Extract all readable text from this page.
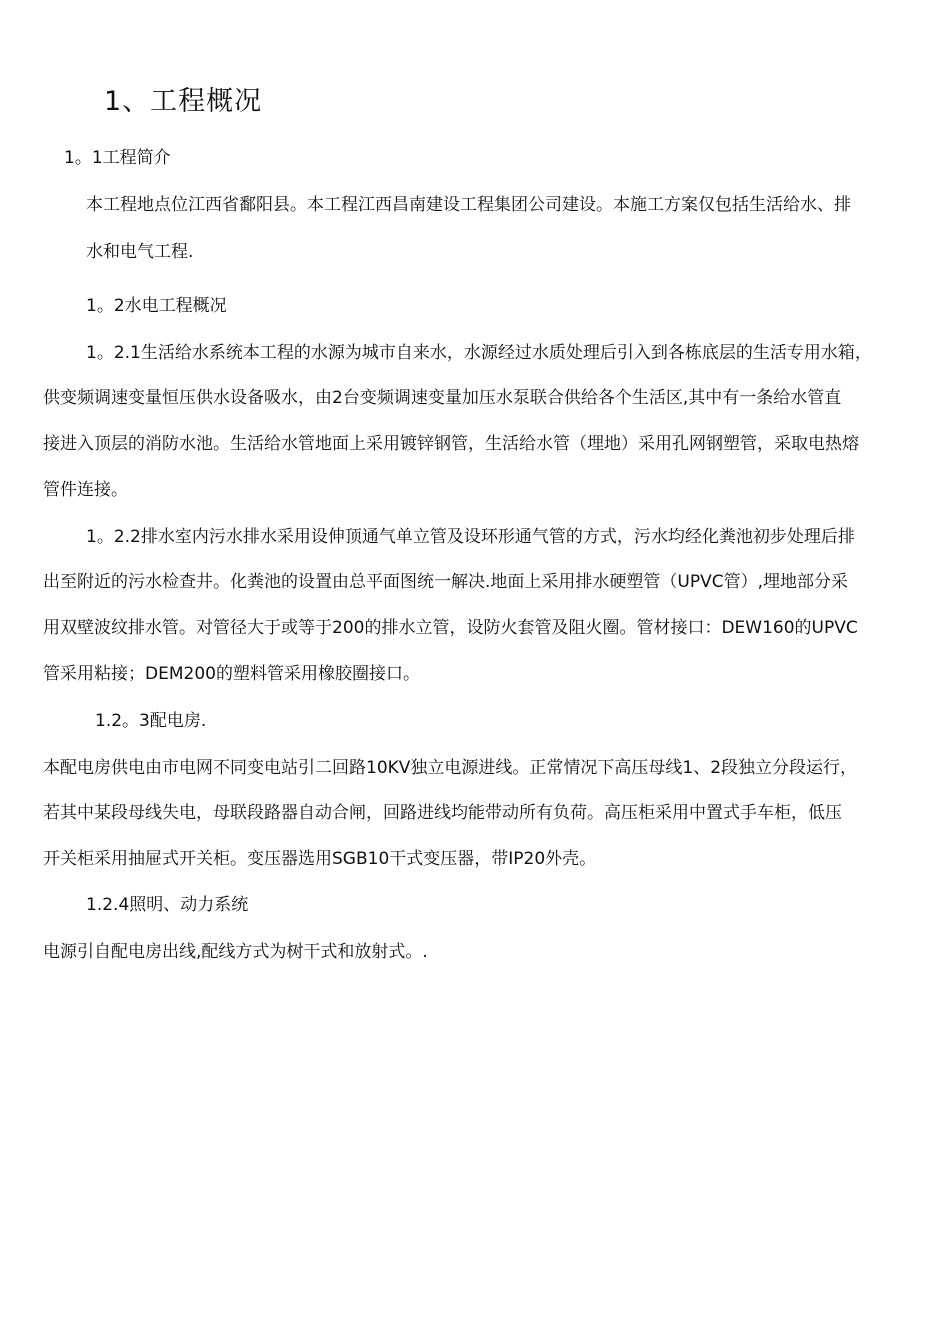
1、工程概况

1。1工程简介

本工程地点位江西省鄱阳县。本工程江西昌南建设工程集团公司建设。本施工方案仅包括生活给水、排

水和电气工程.

1。2水电工程概况

1。2.1生活给水系统本工程的水源为城市自来水，水源经过水质处理后引入到各栋底层的生活专用水箱，

供变频调速变量恒压供水设备吸水，由2台变频调速变量加压水泵联合供给各个生活区,其中有一条给水管直

接进入顶层的消防水池。生活给水管地面上采用镀锌钢管，生活给水管（埋地）采用孔网钢塑管，采取电热熔

管件连接。

1。2.2排水室内污水排水采用设伸顶通气单立管及设环形通气管的方式，污水均经化粪池初步处理后排

出至附近的污水检查井。化粪池的设置由总平面图统一解决.地面上采用排水硬塑管（UPVC管）,埋地部分采

用双壁波纹排水管。对管径大于或等于200的排水立管，设防火套管及阻火圈。管材接口：DEW160的UPVC

管采用粘接；DEM200的塑料管采用橡胶圈接口。

1.2。3配电房.

本配电房供电由市电网不同变电站引二回路10KV独立电源进线。正常情况下高压母线1、2段独立分段运行，

若其中某段母线失电，母联段路器自动合闸，回路进线均能带动所有负荷。高压柜采用中置式手车柜，低压

开关柜采用抽屉式开关柜。变压器选用SGB10干式变压器，带IP20外壳。

1.2.4照明、动力系统

电源引自配电房出线,配线方式为树干式和放射式。.
